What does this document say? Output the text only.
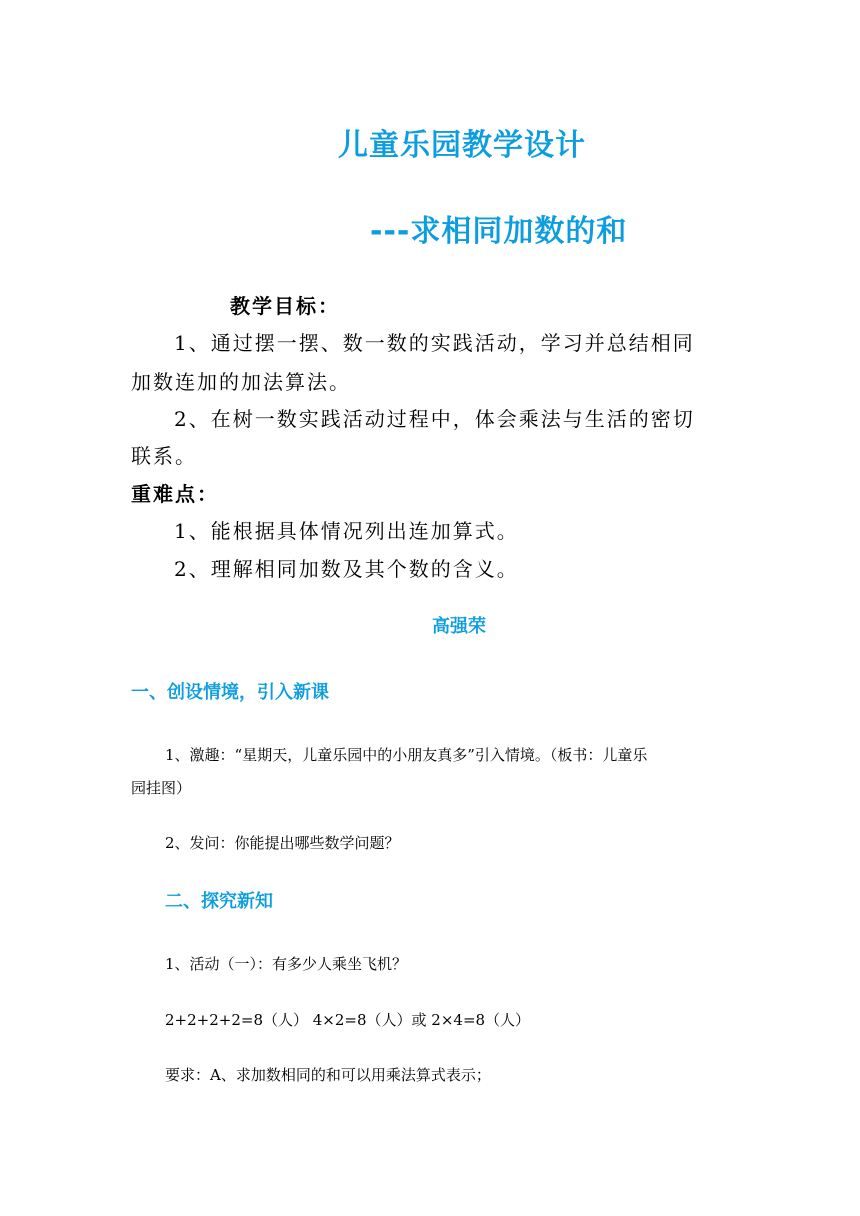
儿童乐园教学设计
---求相同加数的和
教学目标：
1、通过摆一摆、数一数的实践活动，学习并总结相同
加数连加的加法算法。
2、在树一数实践活动过程中，体会乘法与生活的密切
联系。
重难点：
1、能根据具体情况列出连加算式。
2、理解相同加数及其个数的含义。
高强荣
一、创设情境，引入新课
1、激趣：“星期天，儿童乐园中的小朋友真多”引入情境。（板书：儿童乐
园挂图）
2、发问：你能提出哪些数学问题？
二、探究新知
1、活动（一）：有多少人乘坐飞机？
2+2+2+2=8（人） 4×2=8（人）或 2×4=8（人）
要求：A、求加数相同的和可以用乘法算式表示；
